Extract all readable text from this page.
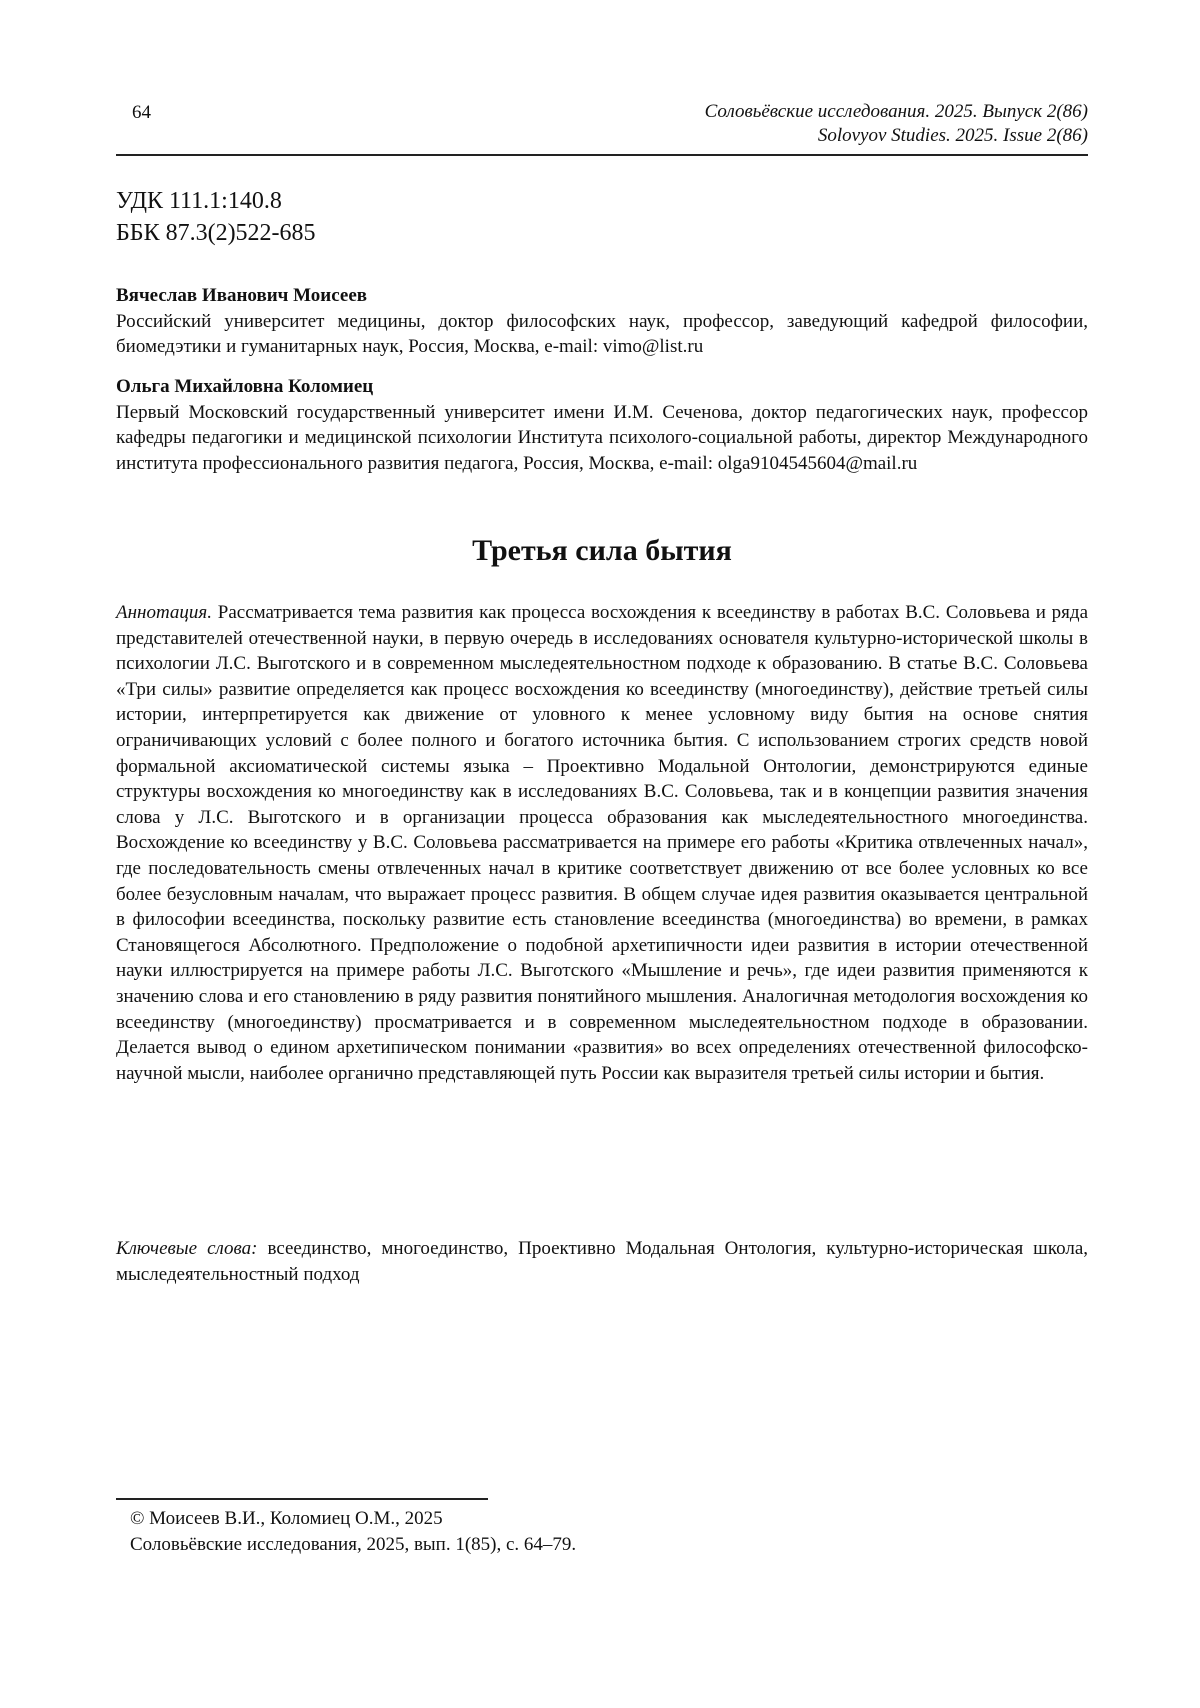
64	Соловьёвские исследования. 2025. Выпуск 2(86)
Solovyov Studies. 2025. Issue 2(86)
УДК 111.1:140.8
ББК 87.3(2)522-685
Вячеслав Иванович Моисеев
Российский университет медицины, доктор философских наук, профессор, заведующий кафедрой философии, биомедэтики и гуманитарных наук, Россия, Москва, e-mail: vimo@list.ru
Ольга Михайловна Коломиец
Первый Московский государственный университет имени И.М. Сеченова, доктор педагогических наук, профессор кафедры педагогики и медицинской психологии Института психолого-социальной работы, директор Международного института профессионального развития педагога, Россия, Москва, e-mail: olga9104545604@mail.ru
Третья сила бытия

Аннотация. Рассматривается тема развития как процесса восхождения к всеединству в работах В.С. Соловьева и ряда представителей отечественной науки, в первую очередь в исследованиях основателя культурно-исторической школы в психологии Л.С. Выготского и в современном мыследеятельностном подходе к образованию. В статье В.С. Соловьева «Три силы» развитие определяется как процесс восхождения ко всеединству (многоединству), действие третьей силы истории, интерпретируется как движение от уловного к менее условному виду бытия на основе снятия ограничивающих условий с более полного и богатого источника бытия. С использованием строгих средств новой формальной аксиоматической системы языка – Проективно Модальной Онтологии, демонстрируются единые структуры восхождения ко многоединству как в исследованиях В.С. Соловьева, так и в концепции развития значения слова у Л.С. Выготского и в организации процесса образования как мыследеятельностного многоединства. Восхождение ко всеединству у В.С. Соловьева рассматривается на примере его работы «Критика отвлеченных начал», где последовательность смены отвлеченных начал в критике соответствует движению от все более условных ко все более безусловным началам, что выражает процесс развития. В общем случае идея развития оказывается центральной в философии всеединства, поскольку развитие есть становление всеединства (многоединства) во времени, в рамках Становящегося Абсолютного. Предположение о подобной архетипичности идеи развития в истории отечественной науки иллюстрируется на примере работы Л.С. Выготского «Мышление и речь», где идеи развития применяются к значению слова и его становлению в ряду развития понятийного мышления. Аналогичная методология восхождения ко всеединству (многоединству) просматривается и в современном мыследеятельностном подходе в образовании. Делается вывод о едином архетипическом понимании «развития» во всех определениях отечественной философско-научной мысли, наиболее органично представляющей путь России как выразителя третьей силы истории и бытия.

Ключевые слова: всеединство, многоединство, Проективно Модальная Онтология, культурно-историческая школа, мыследеятельностный подход

© Моисеев В.И., Коломиец О.М., 2025
Соловьёвские исследования, 2025, вып. 1(85), с. 64–79.
